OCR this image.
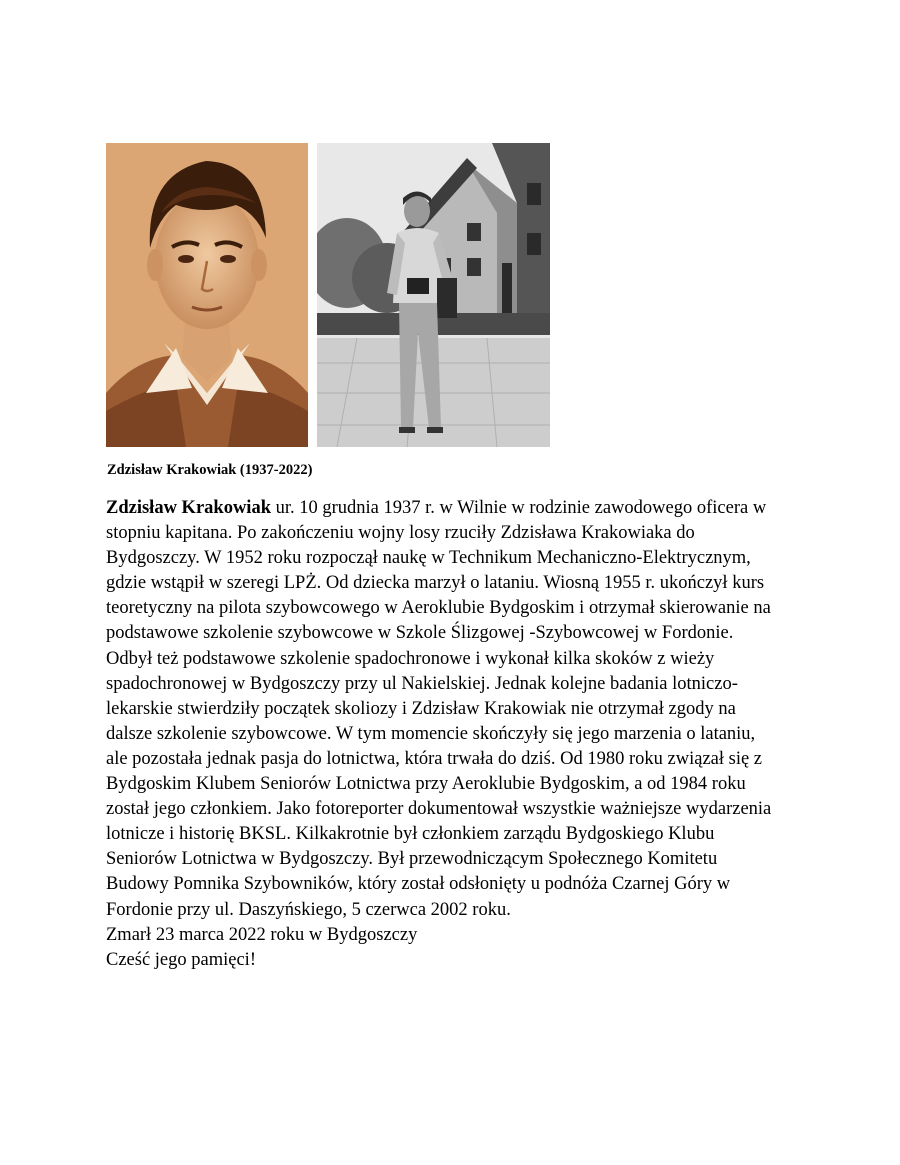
Zdzisław Krakowiak (1937-2022)
Zdzisław Krakowiak ur. 10 grudnia 1937 r. w Wilnie w rodzinie zawodowego oficera w
stopniu kapitana. Po zakończeniu wojny losy rzuciły Zdzisława Krakowiaka do
Bydgoszczy. W 1952 roku rozpoczął naukę w Technikum Mechaniczno-Elektrycznym,
gdzie wstąpił w szeregi LPŻ. Od dziecka marzył o lataniu. Wiosną 1955 r. ukończył kurs
teoretyczny na pilota szybowcowego w Aeroklubie Bydgoskim i otrzymał skierowanie na
podstawowe szkolenie szybowcowe w Szkole Ślizgowej -Szybowcowej w Fordonie.
Odbył też podstawowe szkolenie spadochronowe i wykonał kilka skoków z wieży
spadochronowej w Bydgoszczy przy ul Nakielskiej. Jednak kolejne badania lotniczo-
lekarskie stwierdziły początek skoliozy i Zdzisław Krakowiak nie otrzymał zgody na
dalsze szkolenie szybowcowe. W tym momencie skończyły się jego marzenia o lataniu,
ale pozostała jednak pasja do lotnictwa, która trwała do dziś. Od 1980 roku związał się z
Bydgoskim Klubem Seniorów Lotnictwa przy Aeroklubie Bydgoskim, a od 1984 roku
został jego członkiem. Jako fotoreporter dokumentował wszystkie ważniejsze wydarzenia
lotnicze i historię BKSL. Kilkakrotnie był członkiem zarządu Bydgoskiego Klubu
Seniorów Lotnictwa w Bydgoszczy. Był przewodniczącym Społecznego Komitetu
Budowy Pomnika Szybowników, który został odsłonięty u podnóża Czarnej Góry w
Fordonie przy ul. Daszyńskiego, 5 czerwca 2002 roku.
Zmarł 23 marca 2022 roku w Bydgoszczy
Cześć jego pamięci!
